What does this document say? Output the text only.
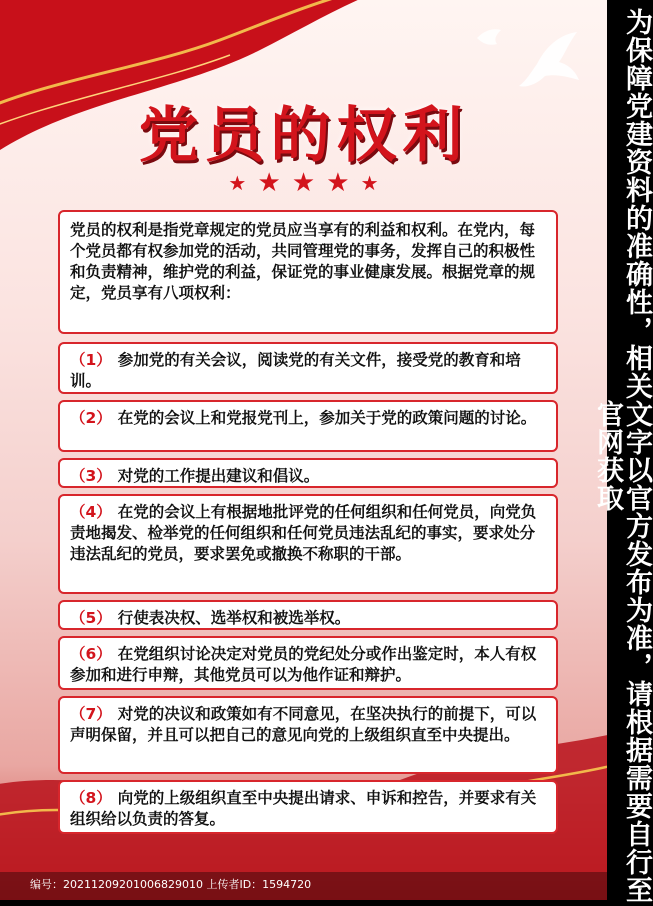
党员的权利
★ ★ ★ ★ ★
党员的权利是指党章规定的党员应当享有的利益和权利。在党内，每个党员都有权参加党的活动，共同管理党的事务，发挥自己的积极性和负责精神，维护党的利益，保证党的事业健康发展。根据党章的规定，党员享有八项权利：
（1） 参加党的有关会议，阅读党的有关文件，接受党的教育和培训。
（2） 在党的会议上和党报党刊上，参加关于党的政策问题的讨论。
（3） 对党的工作提出建议和倡议。
（4） 在党的会议上有根据地批评党的任何组织和任何党员，向党负责地揭发、检举党的任何组织和任何党员违法乱纪的事实，要求处分违法乱纪的党员，要求罢免或撤换不称职的干部。
（5） 行使表决权、选举权和被选举权。
（6） 在党组织讨论决定对党员的党纪处分或作出鉴定时，本人有权参加和进行申辩，其他党员可以为他作证和辩护。
（7） 对党的决议和政策如有不同意见，在坚决执行的前提下，可以声明保留，并且可以把自己的意见向党的上级组织直至中央提出。
（8） 向党的上级组织直至中央提出请求、申诉和控告，并要求有关组织给以负责的答复。
编号：20211209201006829010 上传者ID：1594720	为保障党建资料的准确性，相关文字以官方发布为准，请根据需要自行至官网获取
